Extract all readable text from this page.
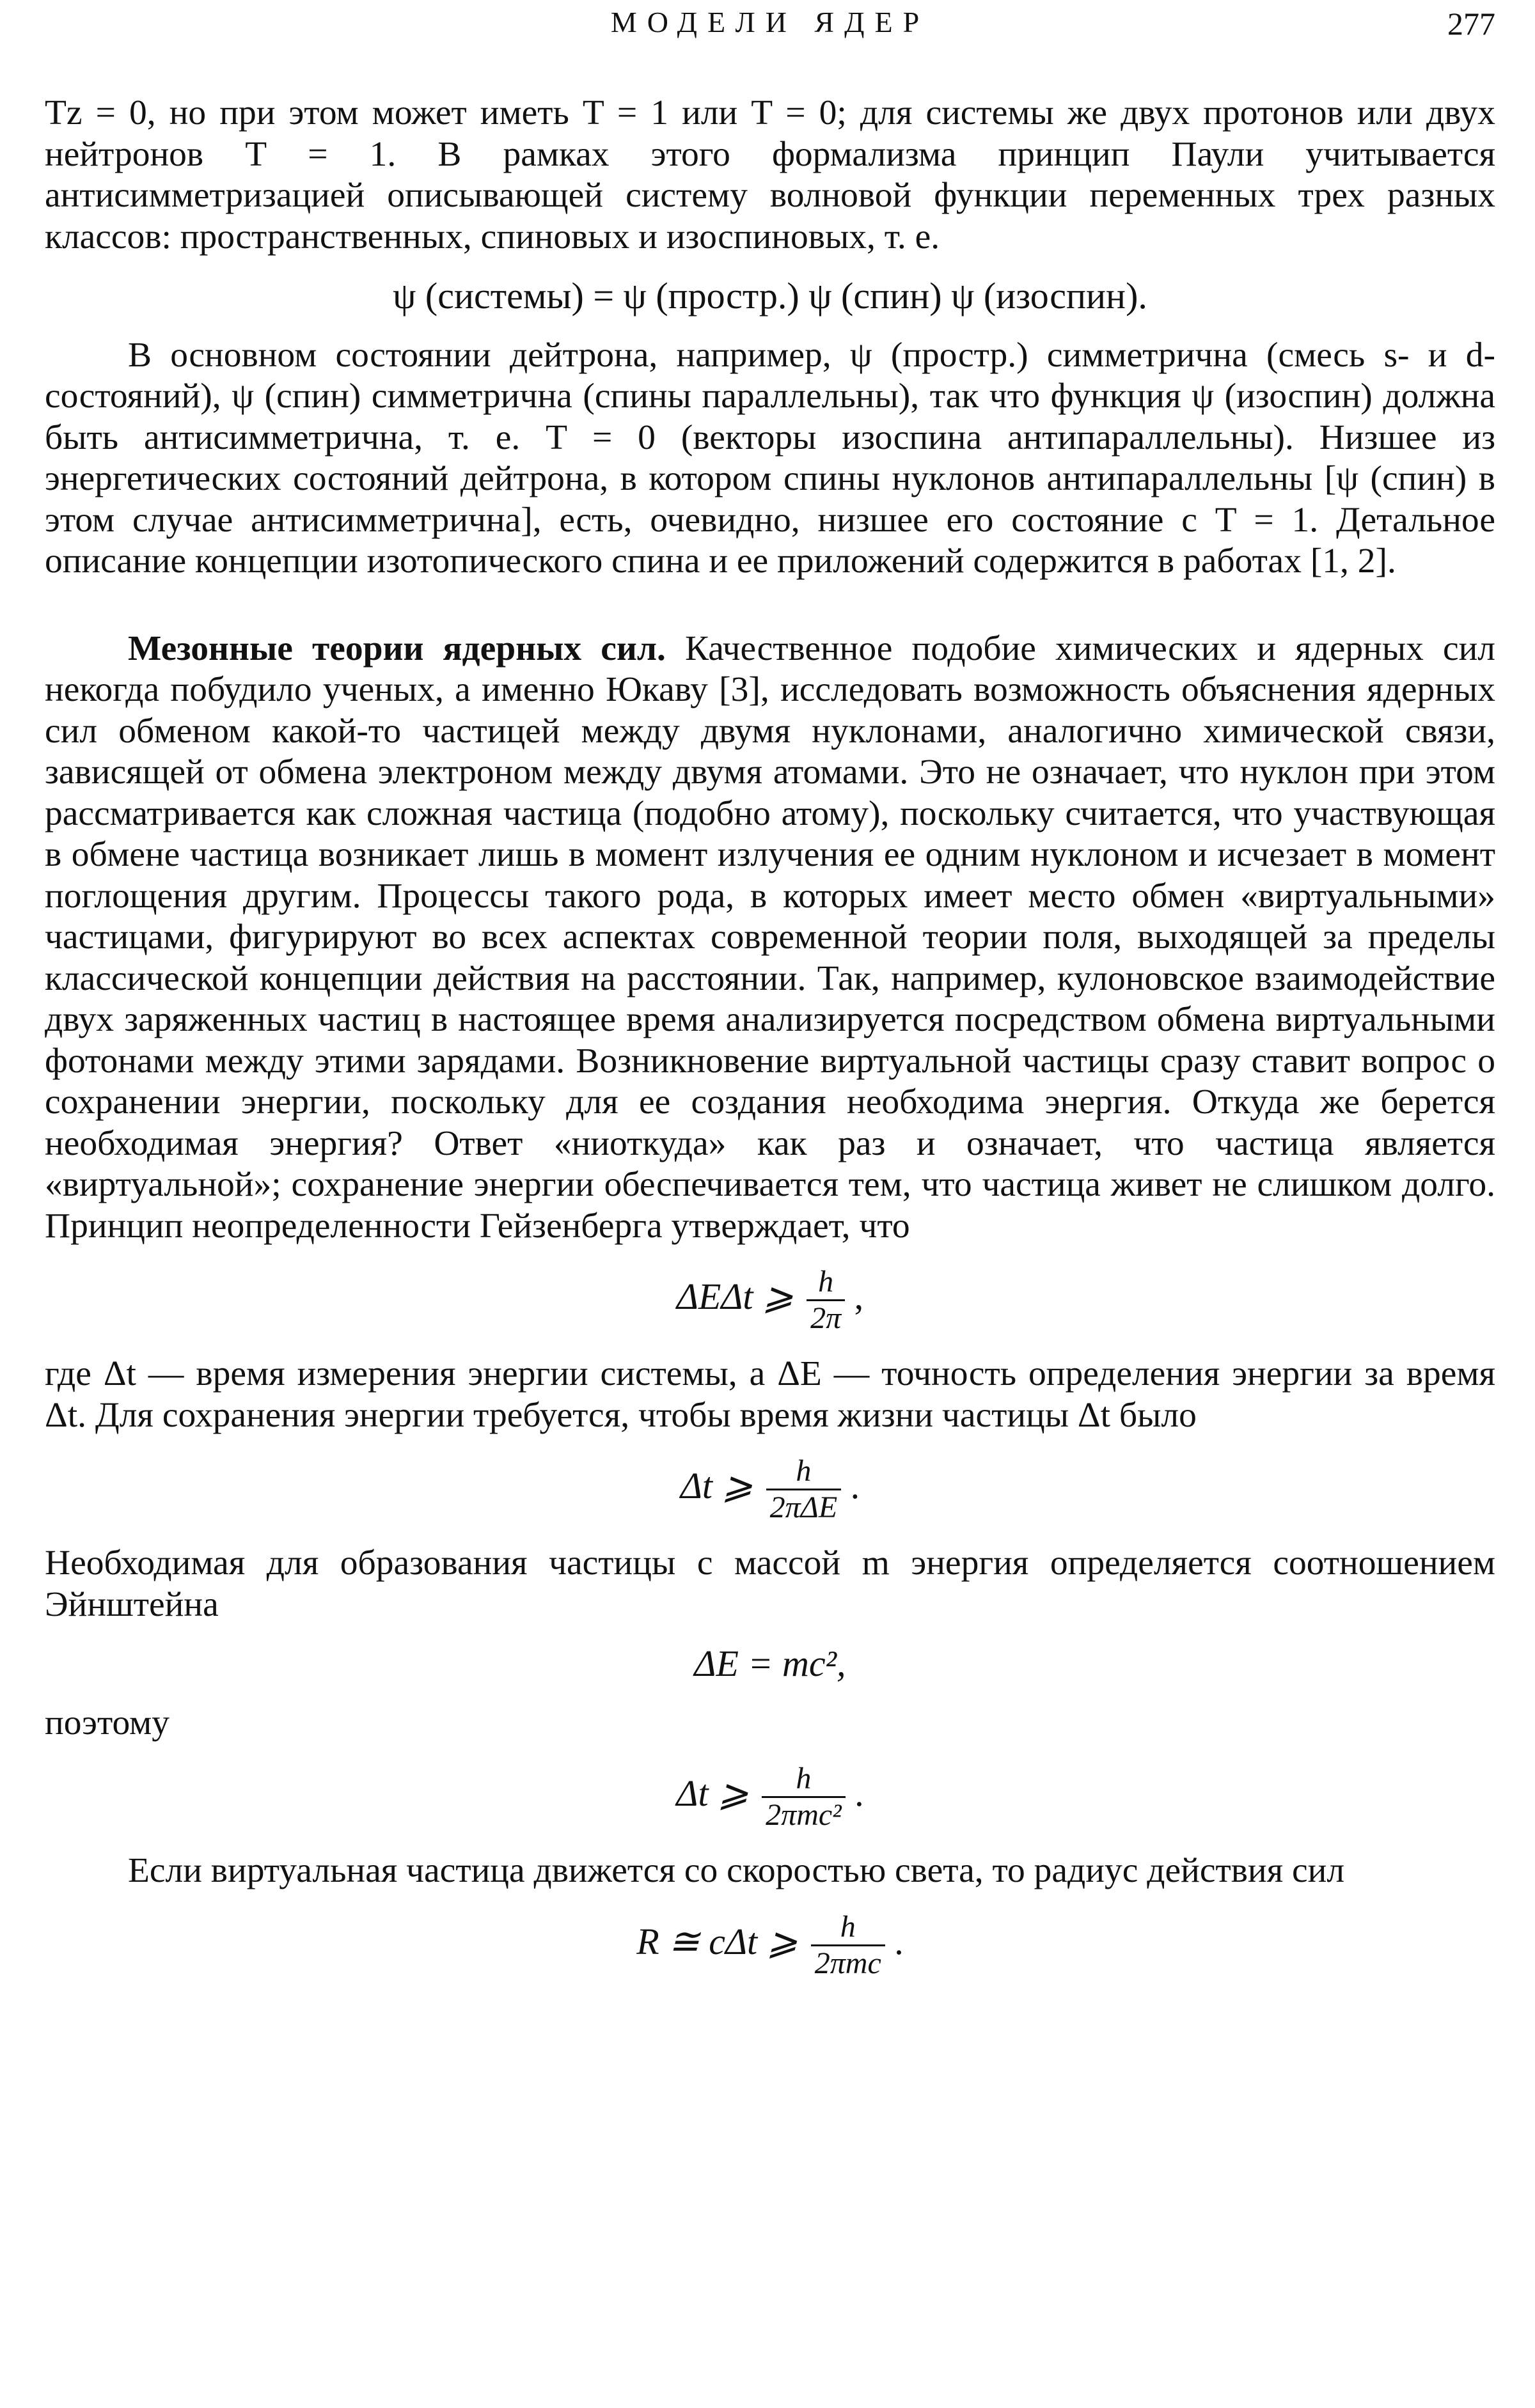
МОДЕЛИ ЯДЕР	277

Tz = 0, но при этом может иметь T = 1 или T = 0; для системы же двух протонов или двух нейтронов T = 1. В рамках этого формализма принцип Паули учитывается антисимметризацией описывающей систему волновой функции переменных трех разных классов: пространственных, спиновых и изоспиновых, т. е.

ψ (системы) = ψ (простр.) ψ (спин) ψ (изоспин).

В основном состоянии дейтрона, например, ψ (простр.) симметрична (смесь s- и d-состояний), ψ (спин) симметрична (спины параллельны), так что функция ψ (изоспин) должна быть антисимметрична, т. е. T = 0 (векторы изоспина антипараллельны). Низшее из энергетических состояний дейтрона, в котором спины нуклонов антипараллельны [ψ (спин) в этом случае антисимметрична], есть, очевидно, низшее его состояние с T = 1. Детальное описание концепции изотопического спина и ее приложений содержится в работах [1, 2].

Мезонные теории ядерных сил. Качественное подобие химических и ядерных сил некогда побудило ученых, а именно Юкаву [3], исследовать возможность объяснения ядерных сил обменом какой-то частицей между двумя нуклонами, аналогично химической связи, зависящей от обмена электроном между двумя атомами. Это не означает, что нуклон при этом рассматривается как сложная частица (подобно атому), поскольку считается, что участвующая в обмене частица возникает лишь в момент излучения ее одним нуклоном и исчезает в момент поглощения другим. Процессы такого рода, в которых имеет место обмен «виртуальными» частицами, фигурируют во всех аспектах современной теории поля, выходящей за пределы классической концепции действия на расстоянии. Так, например, кулоновское взаимодействие двух заряженных частиц в настоящее время анализируется посредством обмена виртуальными фотонами между этими зарядами. Возникновение виртуальной частицы сразу ставит вопрос о сохранении энергии, поскольку для ее создания необходима энергия. Откуда же берется необходимая энергия? Ответ «ниоткуда» как раз и означает, что частица является «виртуальной»; сохранение энергии обеспечивается тем, что частица живет не слишком долго. Принцип неопределенности Гейзенберга утверждает, что

ΔEΔt ⩾ $\frac{h}{2\pi}$ ,

где Δt — время измерения энергии системы, а ΔE — точность определения энергии за время Δt. Для сохранения энергии требуется, чтобы время жизни частицы Δt было

Δt ⩾ $\frac{h}{\text{2πΔE}}$ .

Необходимая для образования частицы с массой m энергия определяется соотношением Эйнштейна

ΔE = mc²,

поэтому

Δt ⩾ $\frac{h}{\text{2πmc²}}$ .

Если виртуальная частица движется со скоростью света, то радиус действия сил

R ≅ cΔt ⩾ $\frac{h}{\text{2πmc}}$ .
